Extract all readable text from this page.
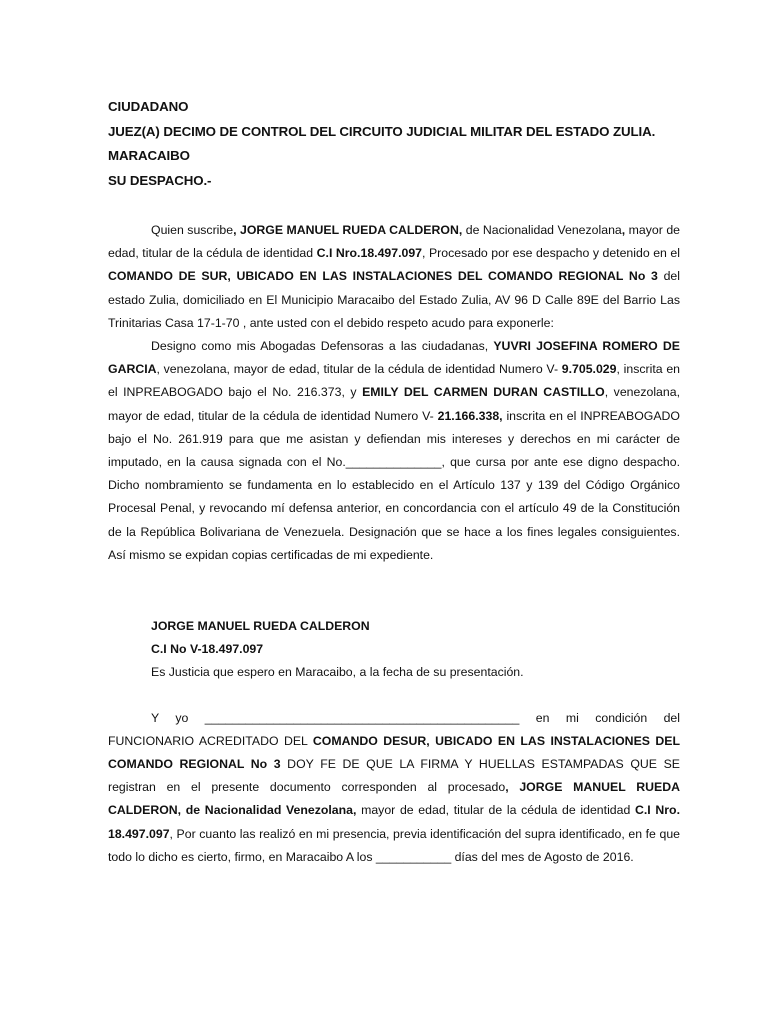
CIUDADANO
JUEZ(A) DECIMO DE CONTROL DEL CIRCUITO JUDICIAL MILITAR DEL ESTADO ZULIA.
MARACAIBO
SU DESPACHO.-

Quien suscribe, JORGE MANUEL RUEDA CALDERON, de Nacionalidad Venezolana, mayor de edad, titular de la cédula de identidad C.I Nro.18.497.097, Procesado por ese despacho y detenido en el COMANDO DE SUR, UBICADO EN LAS INSTALACIONES DEL COMANDO REGIONAL No 3 del estado Zulia, domiciliado en El Municipio Maracaibo del Estado Zulia, AV 96 D Calle 89E del Barrio Las Trinitarias Casa 17-1-70 , ante usted con el debido respeto acudo para exponerle:

Designo como mis Abogadas Defensoras a las ciudadanas, YUVRI JOSEFINA ROMERO DE GARCIA, venezolana, mayor de edad, titular de la cédula de identidad Numero V- 9.705.029, inscrita en el INPREABOGADO bajo el No. 216.373, y EMILY DEL CARMEN DURAN CASTILLO, venezolana, mayor de edad, titular de la cédula de identidad Numero V- 21.166.338, inscrita en el INPREABOGADO bajo el No. 261.919 para que me asistan y defiendan mis intereses y derechos en mi carácter de imputado, en la causa signada con el No.______________, que cursa por ante ese digno despacho. Dicho nombramiento se fundamenta en lo establecido en el Artículo 137 y 139 del Código Orgánico Procesal Penal, y revocando mí defensa anterior, en concordancia con el artículo 49 de la Constitución de la República Bolivariana de Venezuela. Designación que se hace a los fines legales consiguientes. Así mismo se expidan copias certificadas de mi expediente.

JORGE MANUEL RUEDA CALDERON
C.I No V-18.497.097
Es Justicia que espero en Maracaibo, a la fecha de su presentación.

Y yo ______________________________________________ en mi condición del FUNCIONARIO ACREDITADO DEL COMANDO DESUR, UBICADO EN LAS INSTALACIONES DEL COMANDO REGIONAL No 3 DOY FE DE QUE LA FIRMA Y HUELLAS ESTAMPADAS QUE SE registran en el presente documento corresponden al procesado, JORGE MANUEL RUEDA CALDERON, de Nacionalidad Venezolana, mayor de edad, titular de la cédula de identidad C.I Nro. 18.497.097, Por cuanto las realizó en mi presencia, previa identificación del supra identificado, en fe que todo lo dicho es cierto, firmo, en Maracaibo A los ___________ días del mes de Agosto de 2016.
